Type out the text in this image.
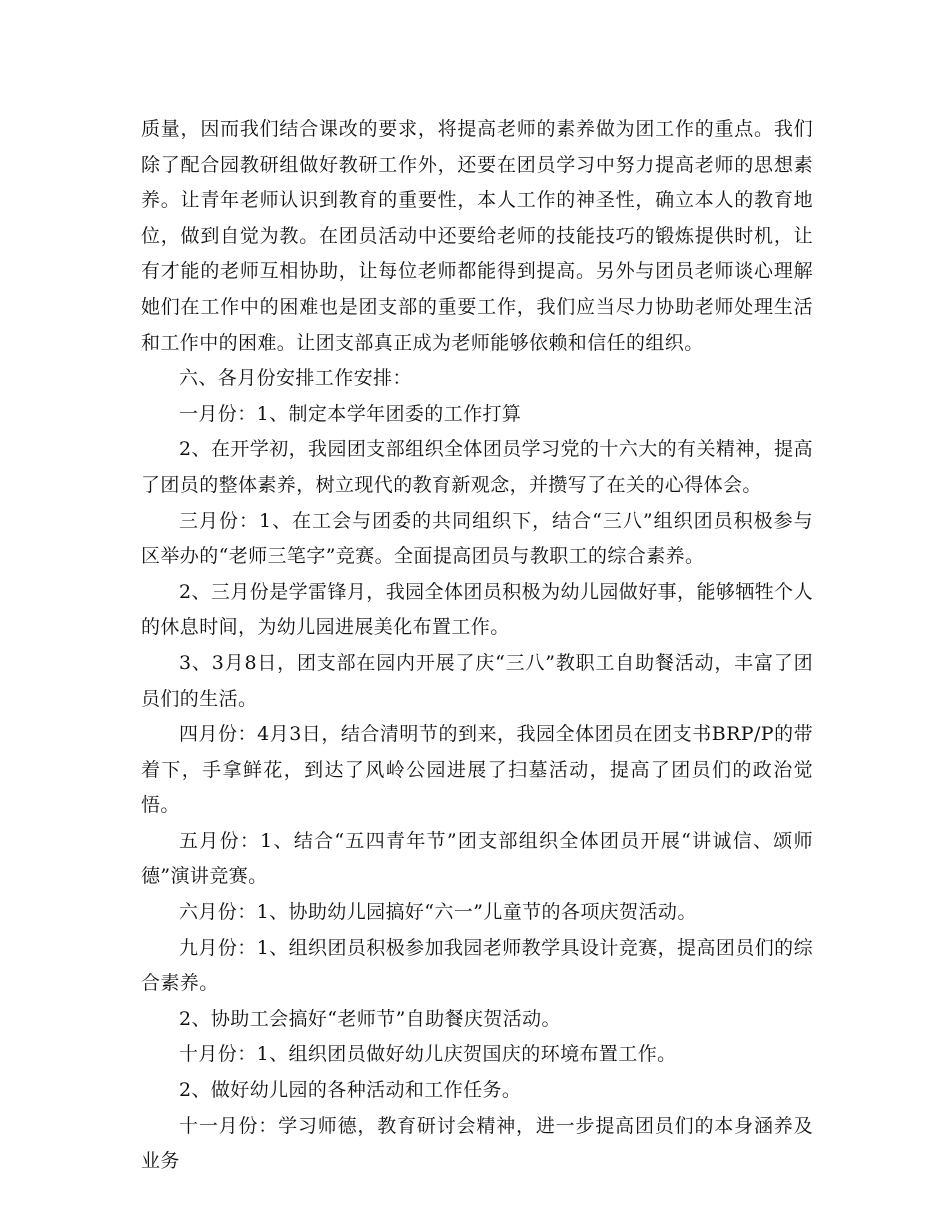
质量，因而我们结合课改的要求，将提高老师的素养做为团工作的重点。我们除了配合园教研组做好教研工作外，还要在团员学习中努力提高老师的思想素养。让青年老师认识到教育的重要性，本人工作的神圣性，确立本人的教育地位，做到自觉为教。在团员活动中还要给老师的技能技巧的锻炼提供时机，让有才能的老师互相协助，让每位老师都能得到提高。另外与团员老师谈心理解她们在工作中的困难也是团支部的重要工作，我们应当尽力协助老师处理生活和工作中的困难。让团支部真正成为老师能够依赖和信任的组织。

六、各月份安排工作安排：

一月份：1、制定本学年团委的工作打算

2、在开学初，我园团支部组织全体团员学习党的十六大的有关精神，提高了团员的整体素养，树立现代的教育新观念，并攒写了在关的心得体会。

三月份：1、在工会与团委的共同组织下，结合“三八”组织团员积极参与区举办的“老师三笔字”竞赛。全面提高团员与教职工的综合素养。

2、三月份是学雷锋月，我园全体团员积极为幼儿园做好事，能够牺牲个人的休息时间，为幼儿园进展美化布置工作。

3、3月8日，团支部在园内开展了庆“三八”教职工自助餐活动，丰富了团员们的生活。

四月份：4月3日，结合清明节的到来，我园全体团员在团支书BRP/P的带着下，手拿鲜花，到达了风岭公园进展了扫墓活动，提高了团员们的政治觉悟。

五月份：1、结合“五四青年节”团支部组织全体团员开展“讲诚信、颂师德”演讲竞赛。

六月份：1、协助幼儿园搞好“六一”儿童节的各项庆贺活动。

九月份：1、组织团员积极参加我园老师教学具设计竞赛，提高团员们的综合素养。

2、协助工会搞好“老师节”自助餐庆贺活动。

十月份：1、组织团员做好幼儿庆贺国庆的环境布置工作。

2、做好幼儿园的各种活动和工作任务。

十一月份：学习师德，教育研讨会精神，进一步提高团员们的本身涵养及业务
